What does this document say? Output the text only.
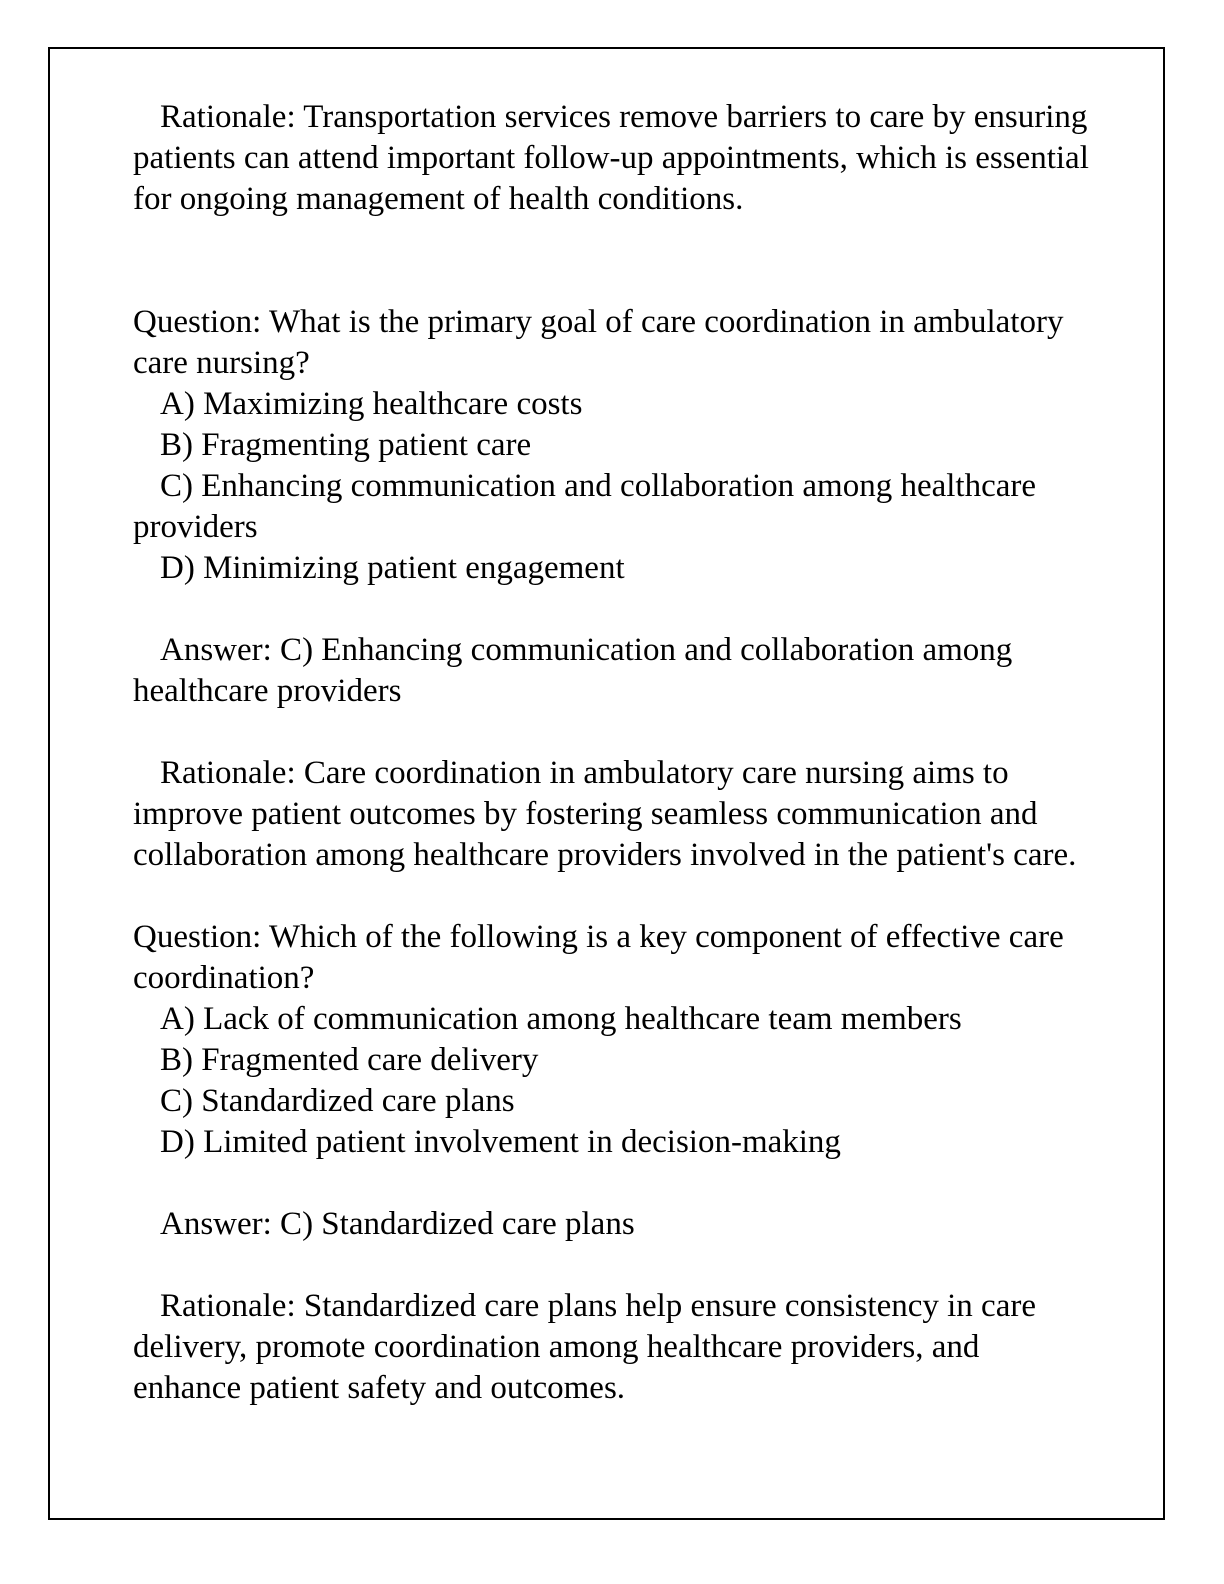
Rationale: Transportation services remove barriers to care by ensuring patients can attend important follow-up appointments, which is essential for ongoing management of health conditions.

Question: What is the primary goal of care coordination in ambulatory care nursing?

A) Maximizing healthcare costs

B) Fragmenting patient care

C) Enhancing communication and collaboration among healthcare providers

D) Minimizing patient engagement

Answer: C) Enhancing communication and collaboration among healthcare providers

Rationale: Care coordination in ambulatory care nursing aims to improve patient outcomes by fostering seamless communication and collaboration among healthcare providers involved in the patient's care.

Question: Which of the following is a key component of effective care coordination?

A) Lack of communication among healthcare team members

B) Fragmented care delivery

C) Standardized care plans

D) Limited patient involvement in decision-making

Answer: C) Standardized care plans

Rationale: Standardized care plans help ensure consistency in care delivery, promote coordination among healthcare providers, and enhance patient safety and outcomes.
